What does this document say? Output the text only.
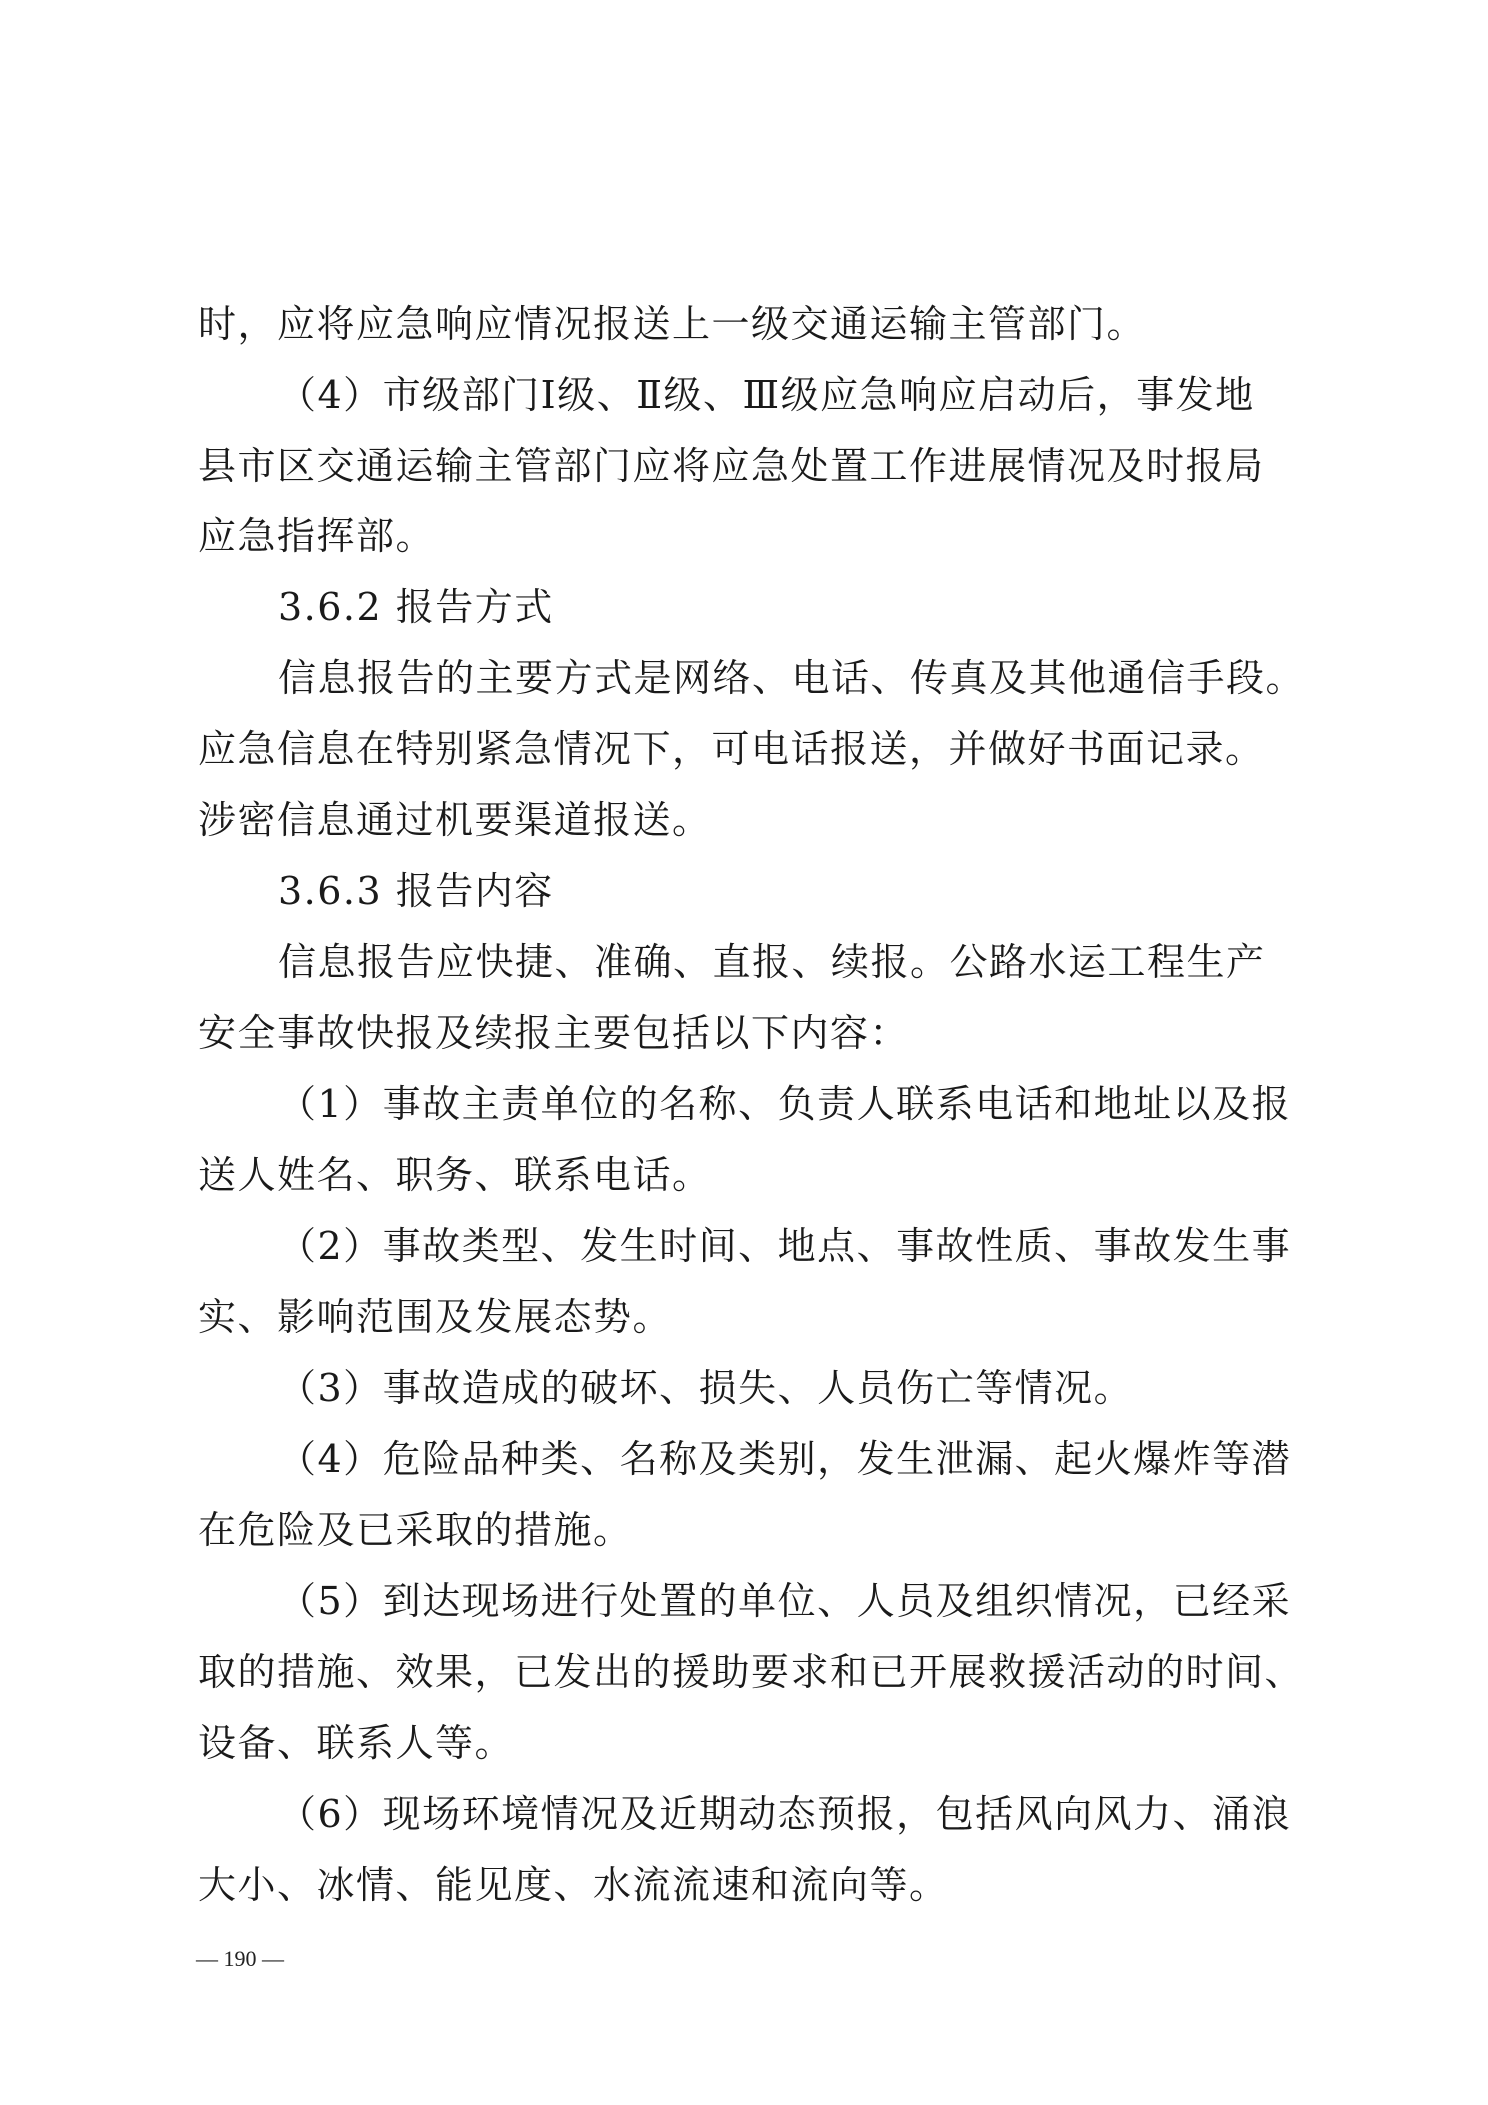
时，应将应急响应情况报送上一级交通运输主管部门。
（4）市级部门Ⅰ级、Ⅱ级、Ⅲ级应急响应启动后，事发地
县市区交通运输主管部门应将应急处置工作进展情况及时报局
应急指挥部。
3.6.2 报告方式
信息报告的主要方式是网络、电话、传真及其他通信手段。
应急信息在特别紧急情况下，可电话报送，并做好书面记录。
涉密信息通过机要渠道报送。
3.6.3 报告内容
信息报告应快捷、准确、直报、续报。公路水运工程生产
安全事故快报及续报主要包括以下内容：
（1）事故主责单位的名称、负责人联系电话和地址以及报
送人姓名、职务、联系电话。
（2）事故类型、发生时间、地点、事故性质、事故发生事
实、影响范围及发展态势。
（3）事故造成的破坏、损失、人员伤亡等情况。
（4）危险品种类、名称及类别，发生泄漏、起火爆炸等潜
在危险及已采取的措施。
（5）到达现场进行处置的单位、人员及组织情况，已经采
取的措施、效果，已发出的援助要求和已开展救援活动的时间、
设备、联系人等。
（6）现场环境情况及近期动态预报，包括风向风力、涌浪
大小、冰情、能见度、水流流速和流向等。
— 190 —
